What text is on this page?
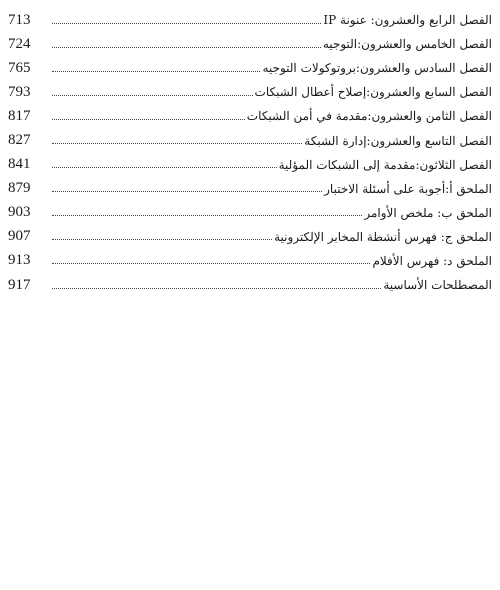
713	الفصل الرابع والعشرون: عنونة IP
724	الفصل الخامس والعشرون:التوجيه
765	الفصل السادس والعشرون:بروتوكولات التوجيه
793	الفصل السابع والعشرون:إصلاح أعطال الشبكات
817	الفصل الثامن والعشرون:مقدمة في أمن الشبكات
827	الفصل التاسع والعشرون:إدارة الشبكة
841	الفصل الثلاثون:مقدمة إلى الشبكات المؤلية
879	الملحق أ:أجوبة على أسئلة الاختبار
903	الملحق ب: ملخص الأوامر
907	الملحق ج: فهرس أنشطة المخابر الإلكترونية
913	الملحق د: فهرس الأفلام
917	المصطلحات الأساسية
